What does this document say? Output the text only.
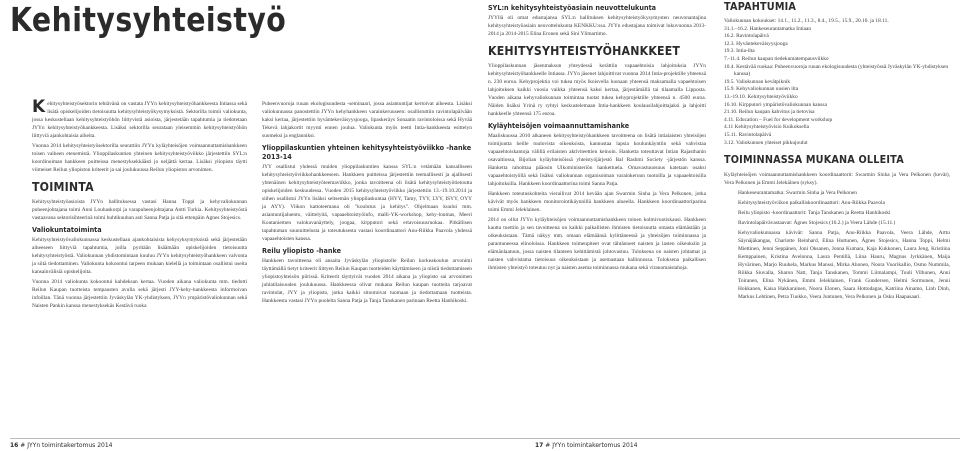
Kehitysyhteistyö

Kehitysyhteistyösektorin tehtävänä on vastata JYYn kehitysyhteistyöhankkeesta Intiassa sekä lisätä opiskelijoiden tietoisuutta kehitysyhteistyökysymyksistä. Sektorilla toimii valiokunta, jossa keskustellaan kehitysyhteistyöhön liittyvistä asioista, järjestetään tapahtumia ja tiedotetaan JYYn kehitysyhteistyöhankkeesta. Lisäksi sektorilla seurataan yleisemmin kehitysyhteistyöhön liittyviä ajankohtaisia aiheita.

Vuonna 2014 kehitysyhteistyösektorilla seurattiin JYYn kyläyhteisöjen voimaannuttamishankkeen toisen vaiheen etenemistä. Ylioppilaskuntien yhteinen kehitysyhteistyöviikko järjestettiin SYL:n koordinoiman hankkeen puitteissa menestyksekkäästi jo neljättä kertaa. Lisäksi yliopisto täytti viimeiset Reilun yliopiston kriteerit ja sai joulukuussa Reilun yliopiston arvonimen.

TOIMINTA

Kehitysyhteistyöasioista JYYn hallituksessa vastasi Hanna Toppi ja kehyvaliokunnan puheenjohtajana toimi Anni Louhaskorpi ja varapuheenjohtajana Antti Turkia. Kehitysyhteistyöstä vastaavana sektorisihteerinä toimi huhtikuuhun asti Sanna Patja ja sitä ettenpäin Agnes Stojesics.

Valiokuntatoiminta

Kehitysyhteistyövaliokunnassa keskustellaan ajankohtaisista kehysyksymyksistä sekä järjestetään aiheeseen liittyviä tapahtumia, joilla pyritään lisäämään opiskelijoiden tietoisuutta kehitysyhteistyöstä. Valiokunnan yhdistomintaan kuuluu JYYn kehitysyhteistyöhankkeen valvonta ja siitä tiedottaminen. Valiokunta kokoontui tarpeen mukaan kielellä ja toimintaan osallistui useita kansainvälisiä opiskelijoita.

Vuonna 2014 valiokunta kokoontui kahdeksan kertaa. Vuoden aikana valiokunta mm. tiedotti Reilun Kaupan tuotteista tempausten avulla sekä järjesti JYY-kehy-hankkeesta informoivan infoillan. Tänä vuonna järjestettiin Jyväskylän YK-yhdistyksen, JYYn ympäristövaliokunnan sekä Naisten Pankin kanssa menestyksekäs Kestävä ruoka

Puheenvuoroja ruuan ekologisuudesta -seminaari, jossa asiantuntijat kertoivat aiheesta. Lisäksi valiokunnassa panostettiin JYYn kehyhankkeen varainkeruuseen: osallistuttiin ravintolapäivään kaksi kertaa, järjestettiin hyväntekeväisyysjooga, lipaskeräys Sonaatin ravintoloissa sekä Hyvää Tekevä lahjakortit myynti ennen joulua. Valiokunta myös teetti Intia-hankkeesta esittelyn suomeksi ja englanniksi.

Ylioppilaskuntien yhteinen kehitysyhteistyöviikko -hanke 2013-14

JYY osallistui yhdessä muiden ylioppilaskuntien kanssa SYL:n vetämään kansalliseen kehitysyhteistyöviikkohankkeeseen. Hankkeen puitteissa järjestettiin teemallisesti ja ajallisesti yhtenäinen kehitysyhteistyöteemaviikko, jonka tavoitteena oli lisätä kehitysyhteistyötietoutta opiskelijoiden keskuudessa. Vuoden 2015 kehitysyhteistyöviikko järjestettiin 13.-19.10.2014 ja siihen osallistui JYYn lisäksi seitsemän ylioppilaskuntaa (HYY, Tamy, TYY, LYY, ISYY, OYY ja AYY). Viikon kattoteemana oli "koulutus ja kehitys". Ohjelmaan kuului mm. asiantuntijaluento, väittelyitä, vapaaehtoistyöinfo, malli-YK-workshop, kehy-loumas, Meeri Koutaniemen valokuvanäyttely, joogaa, kirpputori sekä ertavoisuusruokaa. Pitkällisen tapahtuman suunnittelusta ja toteutuksesta vastasi koordinaattori Anu-Riikka Paavola yhdessä vapaaehtoisten kanssa.

Reilu yliopisto -hanke

Hankkeen tavoitteena oli ansaita Jyväskylän yliopistolle Reilun korkeakoulun arvonimi täyttämällä tietyt kriteerit liittyen Reilun Kaupan tuotteiden käyttämiseen ja niistä tiedottamiseen yliopistoyhteisön piirissä. Kriteerit täyttyivät vuoden 2014 aikana ja yliopisto sai arvonimen juhlatilaisuuden joulukuussa. Hankkeessa olivat mukana Reilun kaupan tuotteita tarjoavat ravintolat, JYY ja yliopisto, jotka kaikki sitoutuivat tuomaan ja tiedottamaan tuotteista. Hankkeesta vastasi JYYn puolelta Sanna Patja ja Tanja Tanskanen parinaan Reetta Hanhikoski.

SYL:n kehitysyhteistyöasiain neuvottelukunta

JYYllä oli omat edustajansa SYL:n hallituksen kehitysyhteistyökysymysten neuvonantajina kehitysyhteistyöasiain neuvottelukunta KENKKU:ssa. JYYn edustajana toimivat lukuvuonna 2013-2014 ja 2014-2015 Elina Eronen sekä Sini Ylimartimo.

KEHITYSYHTEISTYÖHANKKEET

Ylioppilaskunnan jäsenmaksun yhteydessä kerättiin vapaaehtoisia lahjoituksia JYYn kehitysyhteistyöhankkeelle Intiassa. JYYn jäsenet lahjoittivat vuonna 2014 Intia-projektille yhteensä n. 230 euroa. Kehyprojektia voi tukea myös lkoisvella luonaan yhteensä maksamalla vapaehtoisen lahjoituksen kaikki vuosia vaikka yhteensä kaksi kertaa, järjestämällä tai tilaamalla Lipposta. Vuoden aikana kehyvaliokunnan toimintaa tuotat tukea kehyprojektille yhteensä n. 4500 euroa. Näiden lisäksi Yrinä ry ryhtyi keskustelemaan Intia-hankkeen koulausilahjoittajaksi ja lahjoitti hankkeelle yhteensä 175 euroa.

Kyläyhteisöjen voimaannuttamishanke

Maaliskuussa 2010 alkaneen kehitysyhteistyöhankkeen tavoitteena on lisätä intialaisten yhteisöjen toimijuutta heille tuulovista oikeuksista, kannustaa lapsia koulunkäyntiin sekä vahvistaa vapaaehtoiskantoja välillä erilaisten aktiviteettien keinoin. Hanketta toteuttavat Intian Rajasthanin osavaltiossa, Bijolian kyläyhteisöissä yhteistyöjärjestö Bal Rashmi Society -järjestön kanssa. Hanketta rahoittaa pääosin Ulkoministeriön hankettuela. Omavastuuosuus katetaan osaksi vapaaehtoistyöllä sekä lisäksi valiokunnan organisoiman varainkeruun tuotoilla ja vapaaehtoisilla lahjoituksilla. Hankkeen koordinaattorina toimi Sanna Patja.

Hankkeen toteutuskohteita vierailivat 2014 kevään ajan Swarmin Sinha ja Vera Pelkonen, jotka kävivät myös hankkeen monitorointikäynnillä hankkeen alueella. Hankkeen koordinaattoriparina toimi Emmi Jeleklainen.

2014 on ollut JYYn kyläyhteisöjen voimaannuttamishankkeen toinen kolmivuotiskausi. Hankkeen kautta tuettiin ja sen tavoitteena on kaikki paikallisten ihmisten tietoisuutta omasta elämästään ja oikeuksistaan. Tämä näkyy mm. omaan elämäänsä kylittäneessä ja yhteisöjen toiminnassa ja parantuneessa elinoloissa. Hankkeen toimenpiteet ovat tähtänneet naisten ja lasten oikeuksiin ja elämänlaatuun, jossa naisten tilanteen kehittämistä johtovastuu. Tuloksena on naisten johtamat ja naisten vahvistama tietoisuus oikeuksistaan ja asemastaan hallinnossa. Tuloksena paikallisen ihmisten yhteistyö toteutuu nyt ja naisten asema toiminnassa mukana sekä viranomaistahoja.

TAPAHTUMIA
Valiokunnan kokoukset: 14.1., 11.2., 11.3., 8.4., 19.5., 15.9., 20.10. ja 18.11.
31.1.–16.2. Hankeseurantamatka Intiaan
16.2. Ravintolapäivä
12.3. Hyväntekeväisyysjooga
19.3. Intia-ilta
7.-11.4. Reilun kaupan tiedekuntatempausviikko
10.4. Kestävää ruokaa: Puheenvuoroja ruuan ekologisuudesta (yhteistyössä Jyväskylän YK-yhdistyksen kanssa)
19.5. Valiokunnan kevätpiknik
15.9. Kehyvaliokunnan uusien ilta
13.-19.10. Kehitysyhteistyöviikko
16.10. Kirpputori ympäristövaliokunnan kanssa
21.10. Reilun kaupan kahvitus ja tietovisa
4.11. Education – Fuel for development workshop
4.11 Kehitysyhteistyövisio Kuikoksella
15.11. Ravintolapäivä
3.12. Valiokunnen yhteiset pikkujoulut
TOIMINNASSA MUKANA OLLEITA

Kyläyhteisöjen voimaannuttamishankkeen koordinaattorit: Swarmin Sinha ja Vera Pelkonen (kevät), Vera Pelkonen ja Emmi Jelekäinen (syksy).

Hankeseurantamatka: Swarmin Sinha ja Vera Pelkonen

Kehitysyhteistyöviikon paikalliskoordinaattori: Anu-Riikka Paavola

Reilu yliopisto -koordinaattorit: Tanja Tanskanen ja Reetta Hanhikoski

Ravintolapäivävastaavat: Ágnes Stojesics (16.2.) ja Veera Lähde (15.11.)

Kehyvaliokunnassa kävivät: Sanna Patja, Anu-Riikka Paavola, Veera Lähde, Arttu Säynäjäkangas, Charlotte Reinhard, Elina Huttunen, Ágnes Stojesics, Hanna Toppi, Helmi Miettinen, Jenni Seppänen, Joni Oksanen, Jonna Kumara, Kaja Kukkonen, Laura Jeng, Kristiina Kemppainen, Kristina Avelonna, Laura Pentillä, Liina Hauru, Magnus Jyrkkänen, Maija Hyvärinen, Marjo Ruuhela, Markus Manssi, Mirka Ahonen, Noora Vuorikallio, Osmo Nummila, Riikka Siuvalla, Sharon Natt, Tanja Tanskanen, Tommi Liimalampi, Tuuli Vilhunen, Anni Toiranen, Elina Nykänen, Emmi Jeleklainen, Frank Gundersen, Helmi Sormunen, Jenni Hokkanen, Kaisa Hakkarainen, Noora Elonen, Saara Hottodagas, Katriina Ainamo, Linh Dinh, Markus Lehtinen, Petra Tuokko, Veera Juntunen, Vera Pelkonen ja Osku Haapasaari.

16 # JYYn toimintakertomus 2014	17 # JYYn toimintakertomus 2014
